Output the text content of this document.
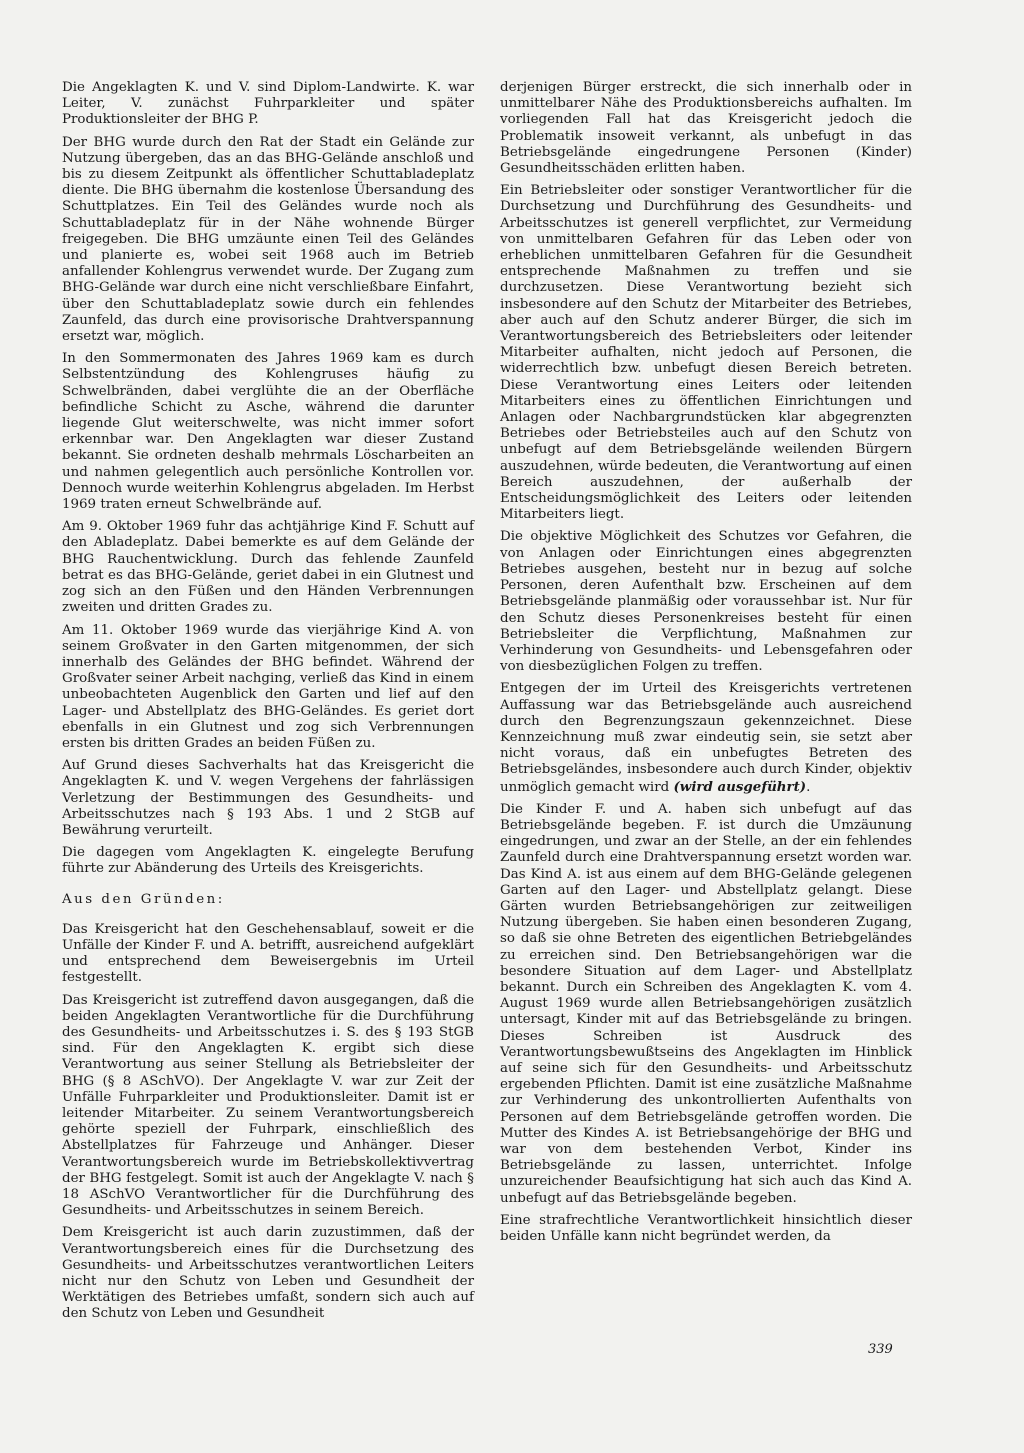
Die Angeklagten K. und V. sind Diplom-Landwirte. K. war Leiter, V. zunächst Fuhrparkleiter und später Produktionsleiter der BHG P.

Der BHG wurde durch den Rat der Stadt ein Gelände zur Nutzung übergeben, das an das BHG-Gelände anschloß und bis zu diesem Zeitpunkt als öffentlicher Schuttabladeplatz diente. Die BHG übernahm die kostenlose Übersandung des Schuttplatzes. Ein Teil des Geländes wurde noch als Schuttabladeplatz für in der Nähe wohnende Bürger freigegeben. Die BHG umzäunte einen Teil des Geländes und planierte es, wobei seit 1968 auch im Betrieb anfallender Kohlengrus verwendet wurde. Der Zugang zum BHG-Gelände war durch eine nicht verschließbare Einfahrt, über den Schuttabladeplatz sowie durch ein fehlendes Zaunfeld, das durch eine provisorische Drahtverspannung ersetzt war, möglich.

In den Sommermonaten des Jahres 1969 kam es durch Selbstentzündung des Kohlengruses häufig zu Schwelbränden, dabei verglühte die an der Oberfläche befindliche Schicht zu Asche, während die darunter liegende Glut weiterschwelte, was nicht immer sofort erkennbar war. Den Angeklagten war dieser Zustand bekannt. Sie ordneten deshalb mehrmals Löscharbeiten an und nahmen gelegentlich auch persönliche Kontrollen vor. Dennoch wurde weiterhin Kohlengrus abgeladen. Im Herbst 1969 traten erneut Schwelbrände auf.

Am 9. Oktober 1969 fuhr das achtjährige Kind F. Schutt auf den Abladeplatz. Dabei bemerkte es auf dem Gelände der BHG Rauchentwicklung. Durch das fehlende Zaunfeld betrat es das BHG-Gelände, geriet dabei in ein Glutnest und zog sich an den Füßen und den Händen Verbrennungen zweiten und dritten Grades zu.

Am 11. Oktober 1969 wurde das vierjährige Kind A. von seinem Großvater in den Garten mitgenommen, der sich innerhalb des Geländes der BHG befindet. Während der Großvater seiner Arbeit nachging, verließ das Kind in einem unbeobachteten Augenblick den Garten und lief auf den Lager- und Abstellplatz des BHG-Geländes. Es geriet dort ebenfalls in ein Glutnest und zog sich Verbrennungen ersten bis dritten Grades an beiden Füßen zu.

Auf Grund dieses Sachverhalts hat das Kreisgericht die Angeklagten K. und V. wegen Vergehens der fahrlässigen Verletzung der Bestimmungen des Gesundheits- und Arbeitsschutzes nach § 193 Abs. 1 und 2 StGB auf Bewährung verurteilt.

Die dagegen vom Angeklagten K. eingelegte Berufung führte zur Abänderung des Urteils des Kreisgerichts.

Aus den Gründen:

Das Kreisgericht hat den Geschehensablauf, soweit er die Unfälle der Kinder F. und A. betrifft, ausreichend aufgeklärt und entsprechend dem Beweisergebnis im Urteil festgestellt.

Das Kreisgericht ist zutreffend davon ausgegangen, daß die beiden Angeklagten Verantwortliche für die Durchführung des Gesundheits- und Arbeitsschutzes i. S. des § 193 StGB sind. Für den Angeklagten K. ergibt sich diese Verantwortung aus seiner Stellung als Betriebsleiter der BHG (§ 8 ASchVO). Der Angeklagte V. war zur Zeit der Unfälle Fuhrparkleiter und Produktionsleiter. Damit ist er leitender Mitarbeiter. Zu seinem Verantwortungsbereich gehörte speziell der Fuhrpark, einschließlich des Abstellplatzes für Fahrzeuge und Anhänger. Dieser Verantwortungsbereich wurde im Betriebskollektivvertrag der BHG festgelegt. Somit ist auch der Angeklagte V. nach § 18 ASchVO Verantwortlicher für die Durchführung des Gesundheits- und Arbeitsschutzes in seinem Bereich.

Dem Kreisgericht ist auch darin zuzustimmen, daß der Verantwortungsbereich eines für die Durchsetzung des Gesundheits- und Arbeitsschutzes verantwortlichen Leiters nicht nur den Schutz von Leben und Gesundheit der Werktätigen des Betriebes umfaßt, sondern sich auch auf den Schutz von Leben und Gesundheit

derjenigen Bürger erstreckt, die sich innerhalb oder in unmittelbarer Nähe des Produktionsbereichs aufhalten. Im vorliegenden Fall hat das Kreisgericht jedoch die Problematik insoweit verkannt, als unbefugt in das Betriebsgelände eingedrungene Personen (Kinder) Gesundheitsschäden erlitten haben.

Ein Betriebsleiter oder sonstiger Verantwortlicher für die Durchsetzung und Durchführung des Gesundheits- und Arbeitsschutzes ist generell verpflichtet, zur Vermeidung von unmittelbaren Gefahren für das Leben oder von erheblichen unmittelbaren Gefahren für die Gesundheit entsprechende Maßnahmen zu treffen und sie durchzusetzen. Diese Verantwortung bezieht sich insbesondere auf den Schutz der Mitarbeiter des Betriebes, aber auch auf den Schutz anderer Bürger, die sich im Verantwortungsbereich des Betriebsleiters oder leitender Mitarbeiter aufhalten, nicht jedoch auf Personen, die widerrechtlich bzw. unbefugt diesen Bereich betreten. Diese Verantwortung eines Leiters oder leitenden Mitarbeiters eines zu öffentlichen Einrichtungen und Anlagen oder Nachbargrundstücken klar abgegrenzten Betriebes oder Betriebsteiles auch auf den Schutz von unbefugt auf dem Betriebsgelände weilenden Bürgern auszudehnen, würde bedeuten, die Verantwortung auf einen Bereich auszudehnen, der außerhalb der Entscheidungsmöglichkeit des Leiters oder leitenden Mitarbeiters liegt.

Die objektive Möglichkeit des Schutzes vor Gefahren, die von Anlagen oder Einrichtungen eines abgegrenzten Betriebes ausgehen, besteht nur in bezug auf solche Personen, deren Aufenthalt bzw. Erscheinen auf dem Betriebsgelände planmäßig oder voraussehbar ist. Nur für den Schutz dieses Personenkreises besteht für einen Betriebsleiter die Verpflichtung, Maßnahmen zur Verhinderung von Gesundheits- und Lebensgefahren oder von diesbezüglichen Folgen zu treffen.

Entgegen der im Urteil des Kreisgerichts vertretenen Auffassung war das Betriebsgelände auch ausreichend durch den Begrenzungszaun gekennzeichnet. Diese Kennzeichnung muß zwar eindeutig sein, sie setzt aber nicht voraus, daß ein unbefugtes Betreten des Betriebsgeländes, insbesondere auch durch Kinder, objektiv unmöglich gemacht wird (wird ausgeführt).

Die Kinder F. und A. haben sich unbefugt auf das Betriebsgelände begeben. F. ist durch die Umzäunung eingedrungen, und zwar an der Stelle, an der ein fehlendes Zaunfeld durch eine Drahtverspannung ersetzt worden war. Das Kind A. ist aus einem auf dem BHG-Gelände gelegenen Garten auf den Lager- und Abstellplatz gelangt. Diese Gärten wurden Betriebsangehörigen zur zeitweiligen Nutzung übergeben. Sie haben einen besonderen Zugang, so daß sie ohne Betreten des eigentlichen Betriebgeländes zu erreichen sind. Den Betriebsangehörigen war die besondere Situation auf dem Lager- und Abstellplatz bekannt. Durch ein Schreiben des Angeklagten K. vom 4. August 1969 wurde allen Betriebsangehörigen zusätzlich untersagt, Kinder mit auf das Betriebsgelände zu bringen. Dieses Schreiben ist Ausdruck des Verantwortungsbewußtseins des Angeklagten im Hinblick auf seine sich für den Gesundheits- und Arbeitsschutz ergebenden Pflichten. Damit ist eine zusätzliche Maßnahme zur Verhinderung des unkontrollierten Aufenthalts von Personen auf dem Betriebsgelände getroffen worden. Die Mutter des Kindes A. ist Betriebsangehörige der BHG und war von dem bestehenden Verbot, Kinder ins Betriebsgelände zu lassen, unterrichtet. Infolge unzureichender Beaufsichtigung hat sich auch das Kind A. unbefugt auf das Betriebsgelände begeben.

Eine strafrechtliche Verantwortlichkeit hinsichtlich dieser beiden Unfälle kann nicht begründet werden, da

339
